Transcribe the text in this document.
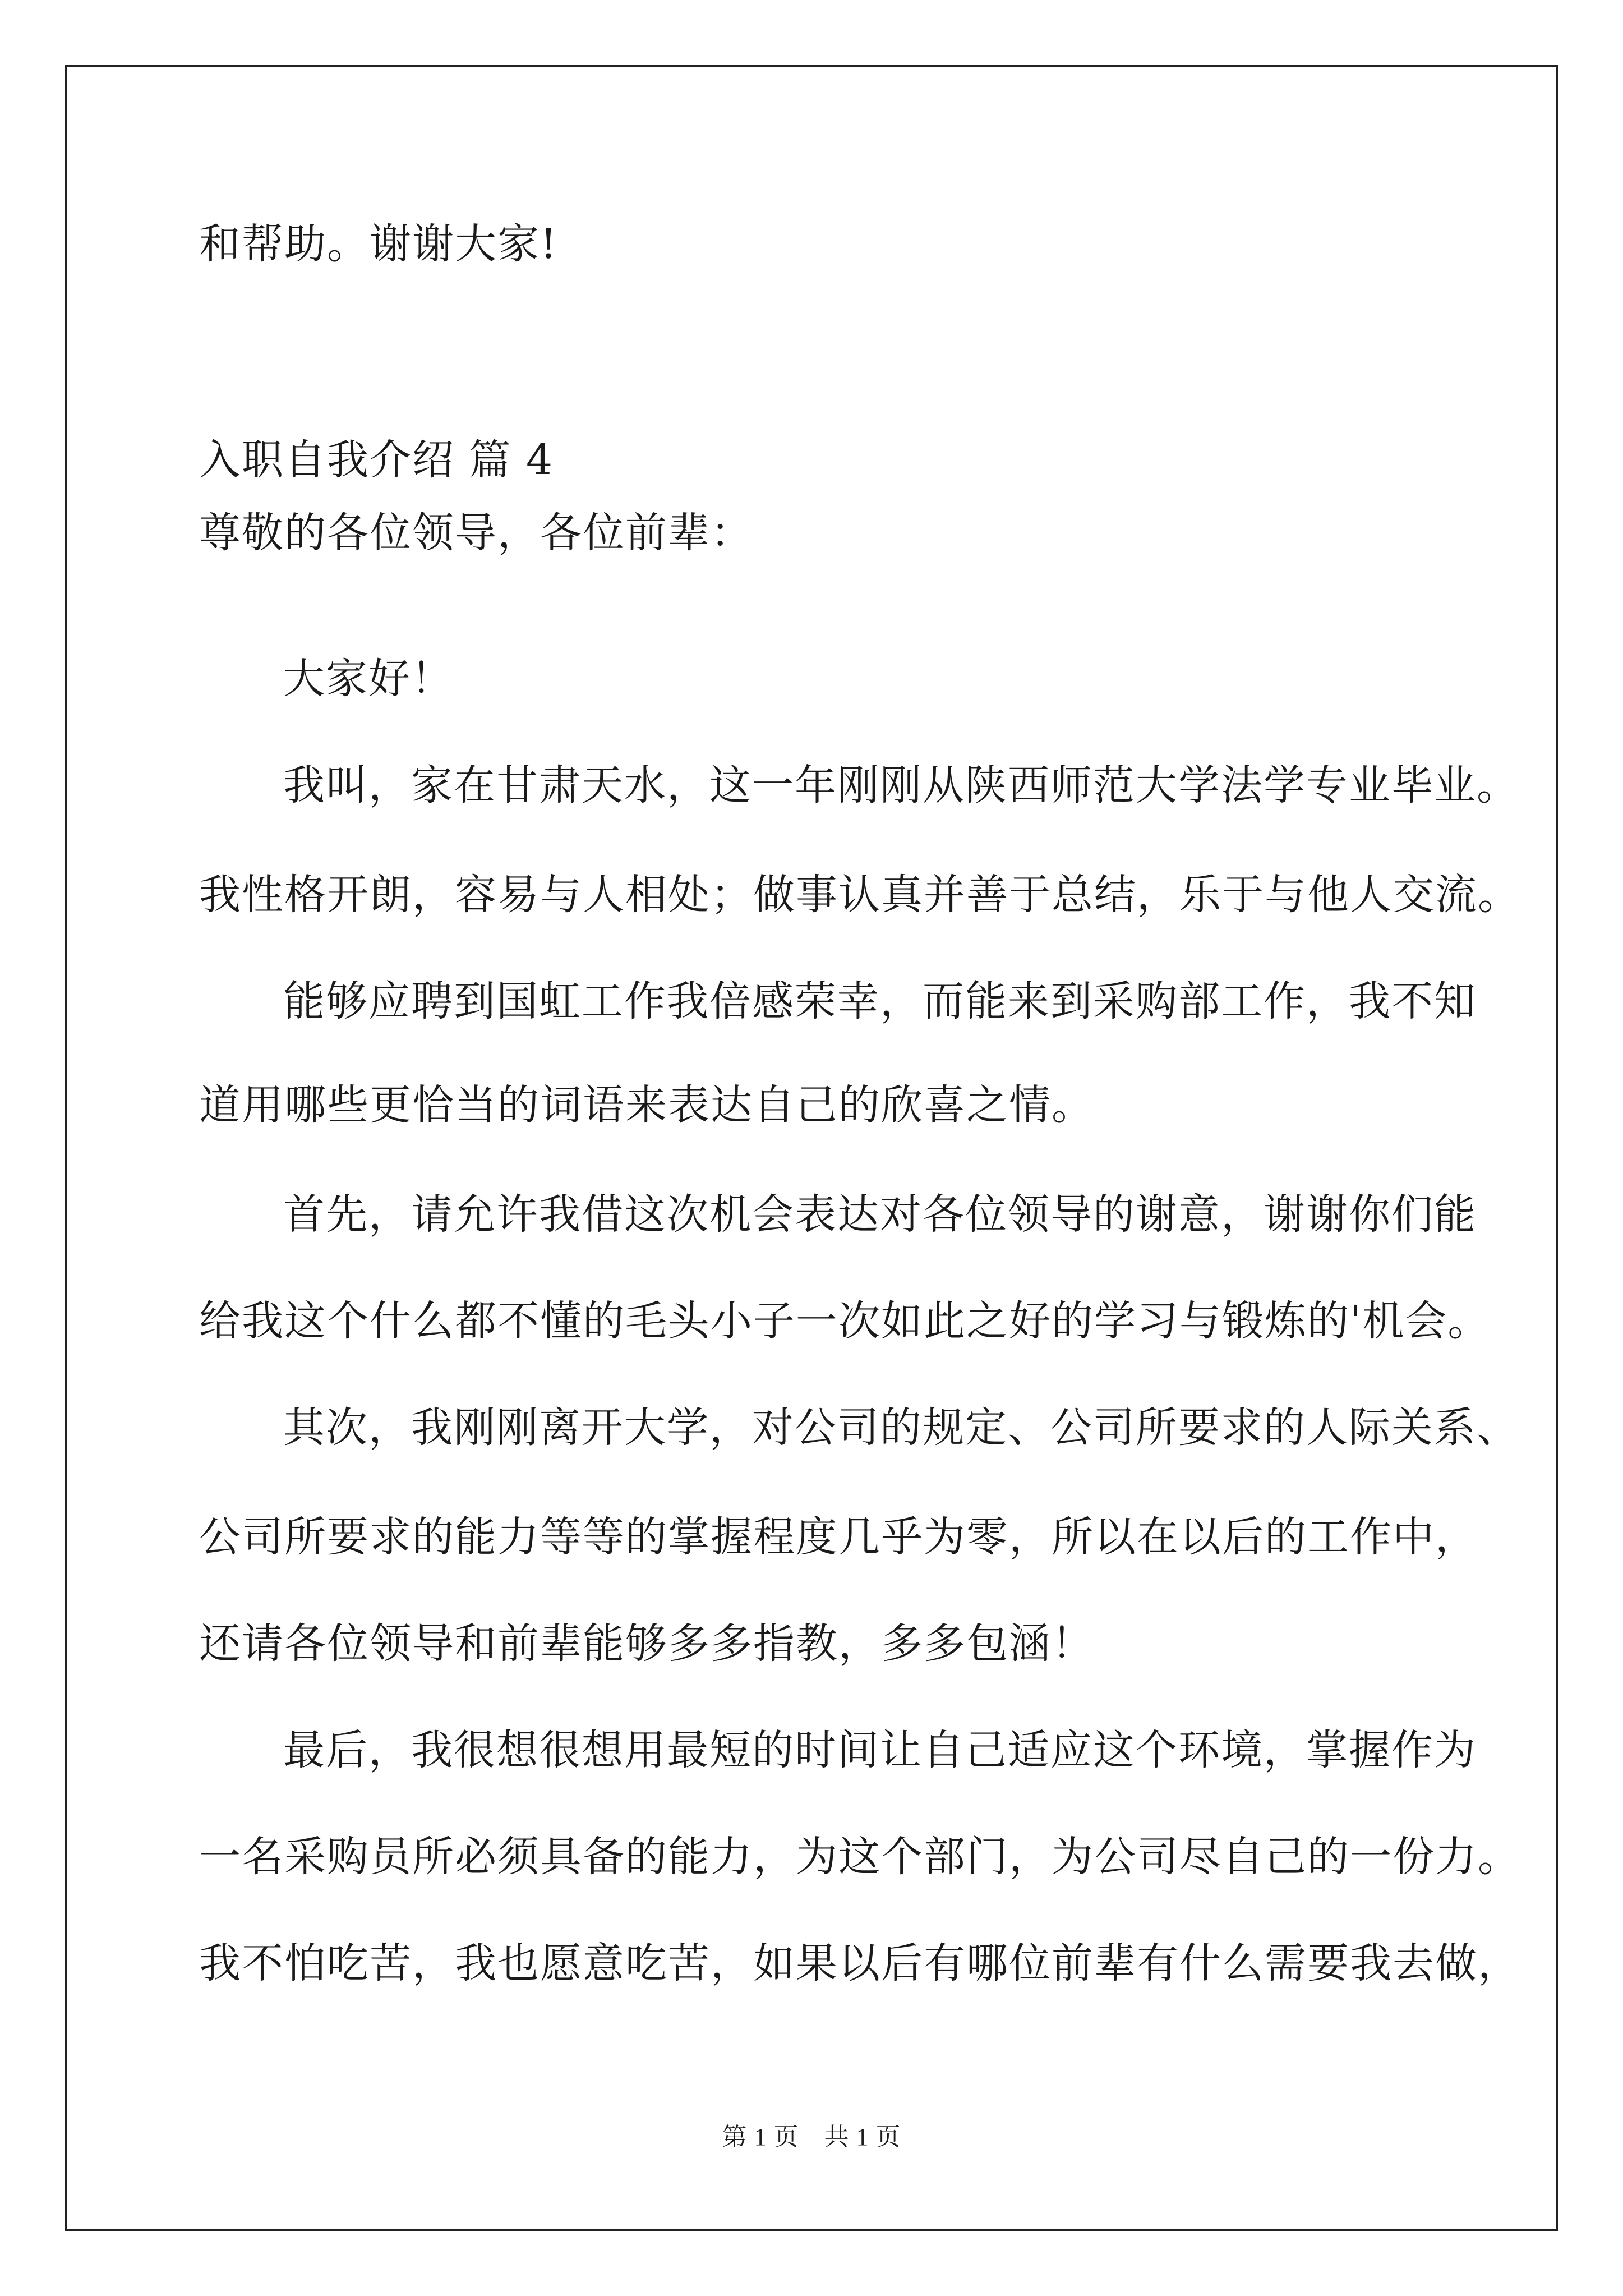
和帮助。谢谢大家!
入职自我介绍 篇 4
尊敬的各位领导，各位前辈：
大家好！
我叫，家在甘肃天水，这一年刚刚从陕西师范大学法学专业毕业。
我性格开朗，容易与人相处；做事认真并善于总结，乐于与他人交流。
能够应聘到国虹工作我倍感荣幸，而能来到采购部工作，我不知
道用哪些更恰当的词语来表达自己的欣喜之情。
首先，请允许我借这次机会表达对各位领导的谢意，谢谢你们能
给我这个什么都不懂的毛头小子一次如此之好的学习与锻炼的'机会。
其次，我刚刚离开大学，对公司的规定、公司所要求的人际关系、
公司所要求的能力等等的掌握程度几乎为零，所以在以后的工作中，
还请各位领导和前辈能够多多指教，多多包涵！
最后，我很想很想用最短的时间让自己适应这个环境，掌握作为
一名采购员所必须具备的能力，为这个部门，为公司尽自己的一份力。
我不怕吃苦，我也愿意吃苦，如果以后有哪位前辈有什么需要我去做，
第 1 页　共 1 页
